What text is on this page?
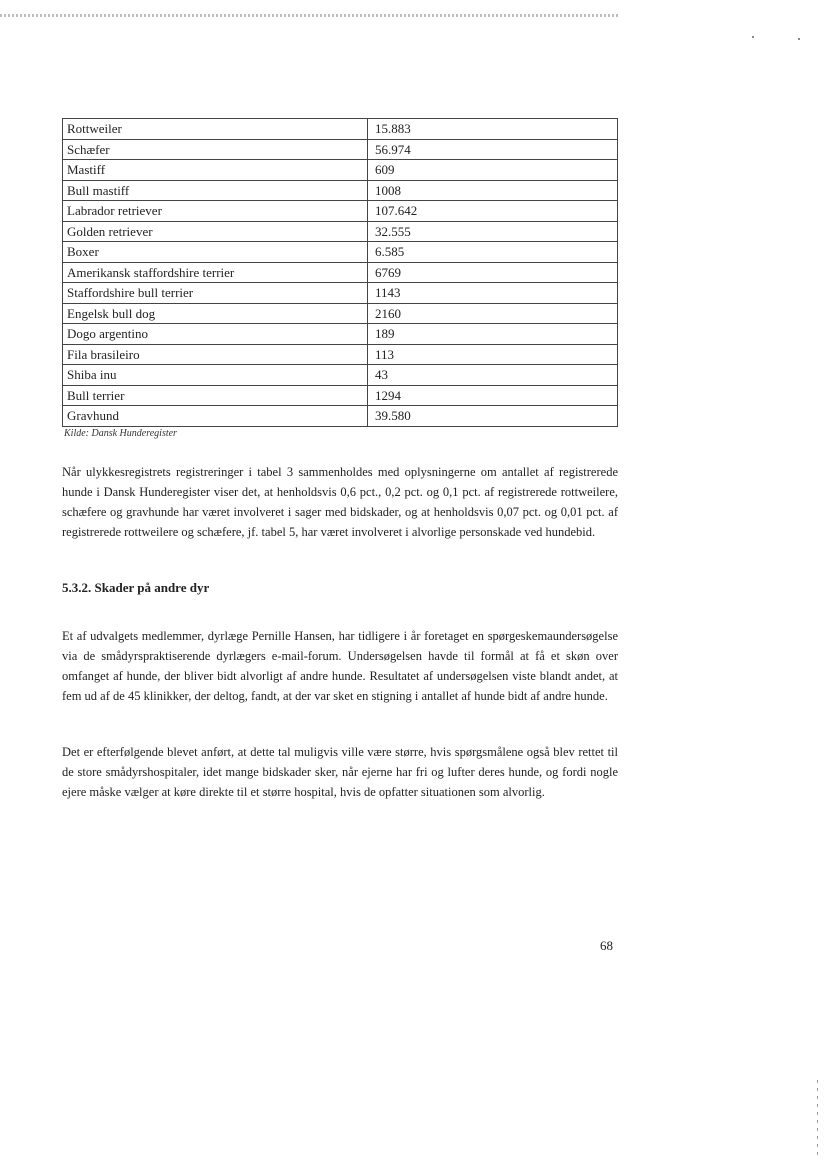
Rottweiler	15.883
Schæfer	56.974
Mastiff	609
Bull mastiff	1008
Labrador retriever	107.642
Golden retriever	32.555
Boxer	6.585
Amerikansk staffordshire terrier	6769
Staffordshire bull terrier	1143
Engelsk bull dog	2160
Dogo argentino	189
Fila brasileiro	113
Shiba inu	43
Bull terrier	1294
Gravhund	39.580
Kilde: Dansk Hunderegister

Når ulykkesregistrets registreringer i tabel 3 sammenholdes med oplysningerne om antallet af registrerede hunde i Dansk Hunderegister viser det, at henholdsvis 0,6 pct., 0,2 pct. og 0,1 pct. af registrerede rottweilere, schæfere og gravhunde har været involveret i sager med bidskader, og at henholdsvis 0,07 pct. og 0,01 pct. af registrerede rottweilere og schæfere, jf. tabel 5, har været involveret i alvorlige personskade ved hundebid.

5.3.2. Skader på andre dyr

Et af udvalgets medlemmer, dyrlæge Pernille Hansen, har tidligere i år foretaget en spørgeskemaundersøgelse via de smådyrspraktiserende dyrlægers e-mail-forum. Undersøgelsen havde til formål at få et skøn over omfanget af hunde, der bliver bidt alvorligt af andre hunde. Resultatet af undersøgelsen viste blandt andet, at fem ud af de 45 klinikker, der deltog, fandt, at der var sket en stigning i antallet af hunde bidt af andre hunde.

Det er efterfølgende blevet anført, at dette tal muligvis ville være større, hvis spørgsmålene også blev rettet til de store smådyrshospitaler, idet mange bidskader sker, når ejerne har fri og lufter deres hunde, og fordi nogle ejere måske vælger at køre direkte til et større hospital, hvis de opfatter situationen som alvorlig.

68
